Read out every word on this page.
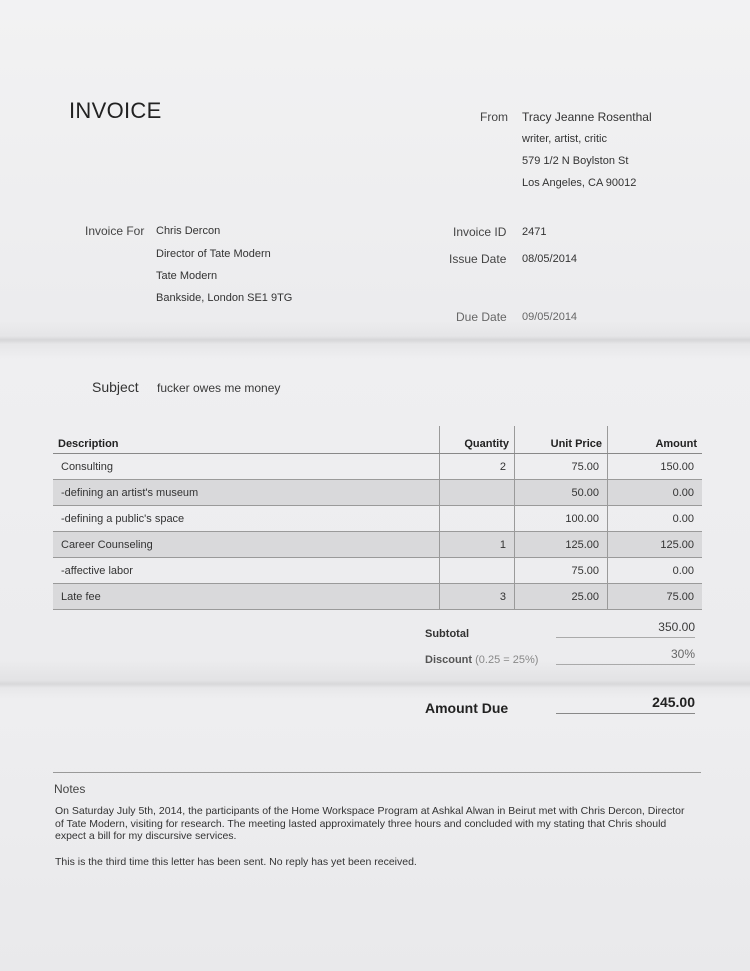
INVOICE	From Tracy Jeanne Rosenthal
writer, artist, critic
579 1/2 N Boylston St
Los Angeles, CA 90012
Invoice For Chris Dercon
Director of Tate Modern
Tate Modern
Bankside, London SE1 9TG
Invoice ID 2471
Issue Date 08/05/2014
Due Date 09/05/2014
Subject fucker owes me money
Description	Quantity	Unit Price	Amount
Consulting	2	75.00	150.00
-defining an artist's museum		50.00	0.00
-defining a public's space		100.00	0.00
Career Counseling	1	125.00	125.00
-affective labor		75.00	0.00
Late fee	3	25.00	75.00
Subtotal	350.00
Discount (0.25 = 25%)	30%
Amount Due	245.00
Notes
On Saturday July 5th, 2014, the participants of the Home Workspace Program at Ashkal Alwan in Beirut met with Chris Dercon, Director of Tate Modern, visiting for research. The meeting lasted approximately three hours and concluded with my stating that Chris should expect a bill for my discursive services.
This is the third time this letter has been sent. No reply has yet been received.
